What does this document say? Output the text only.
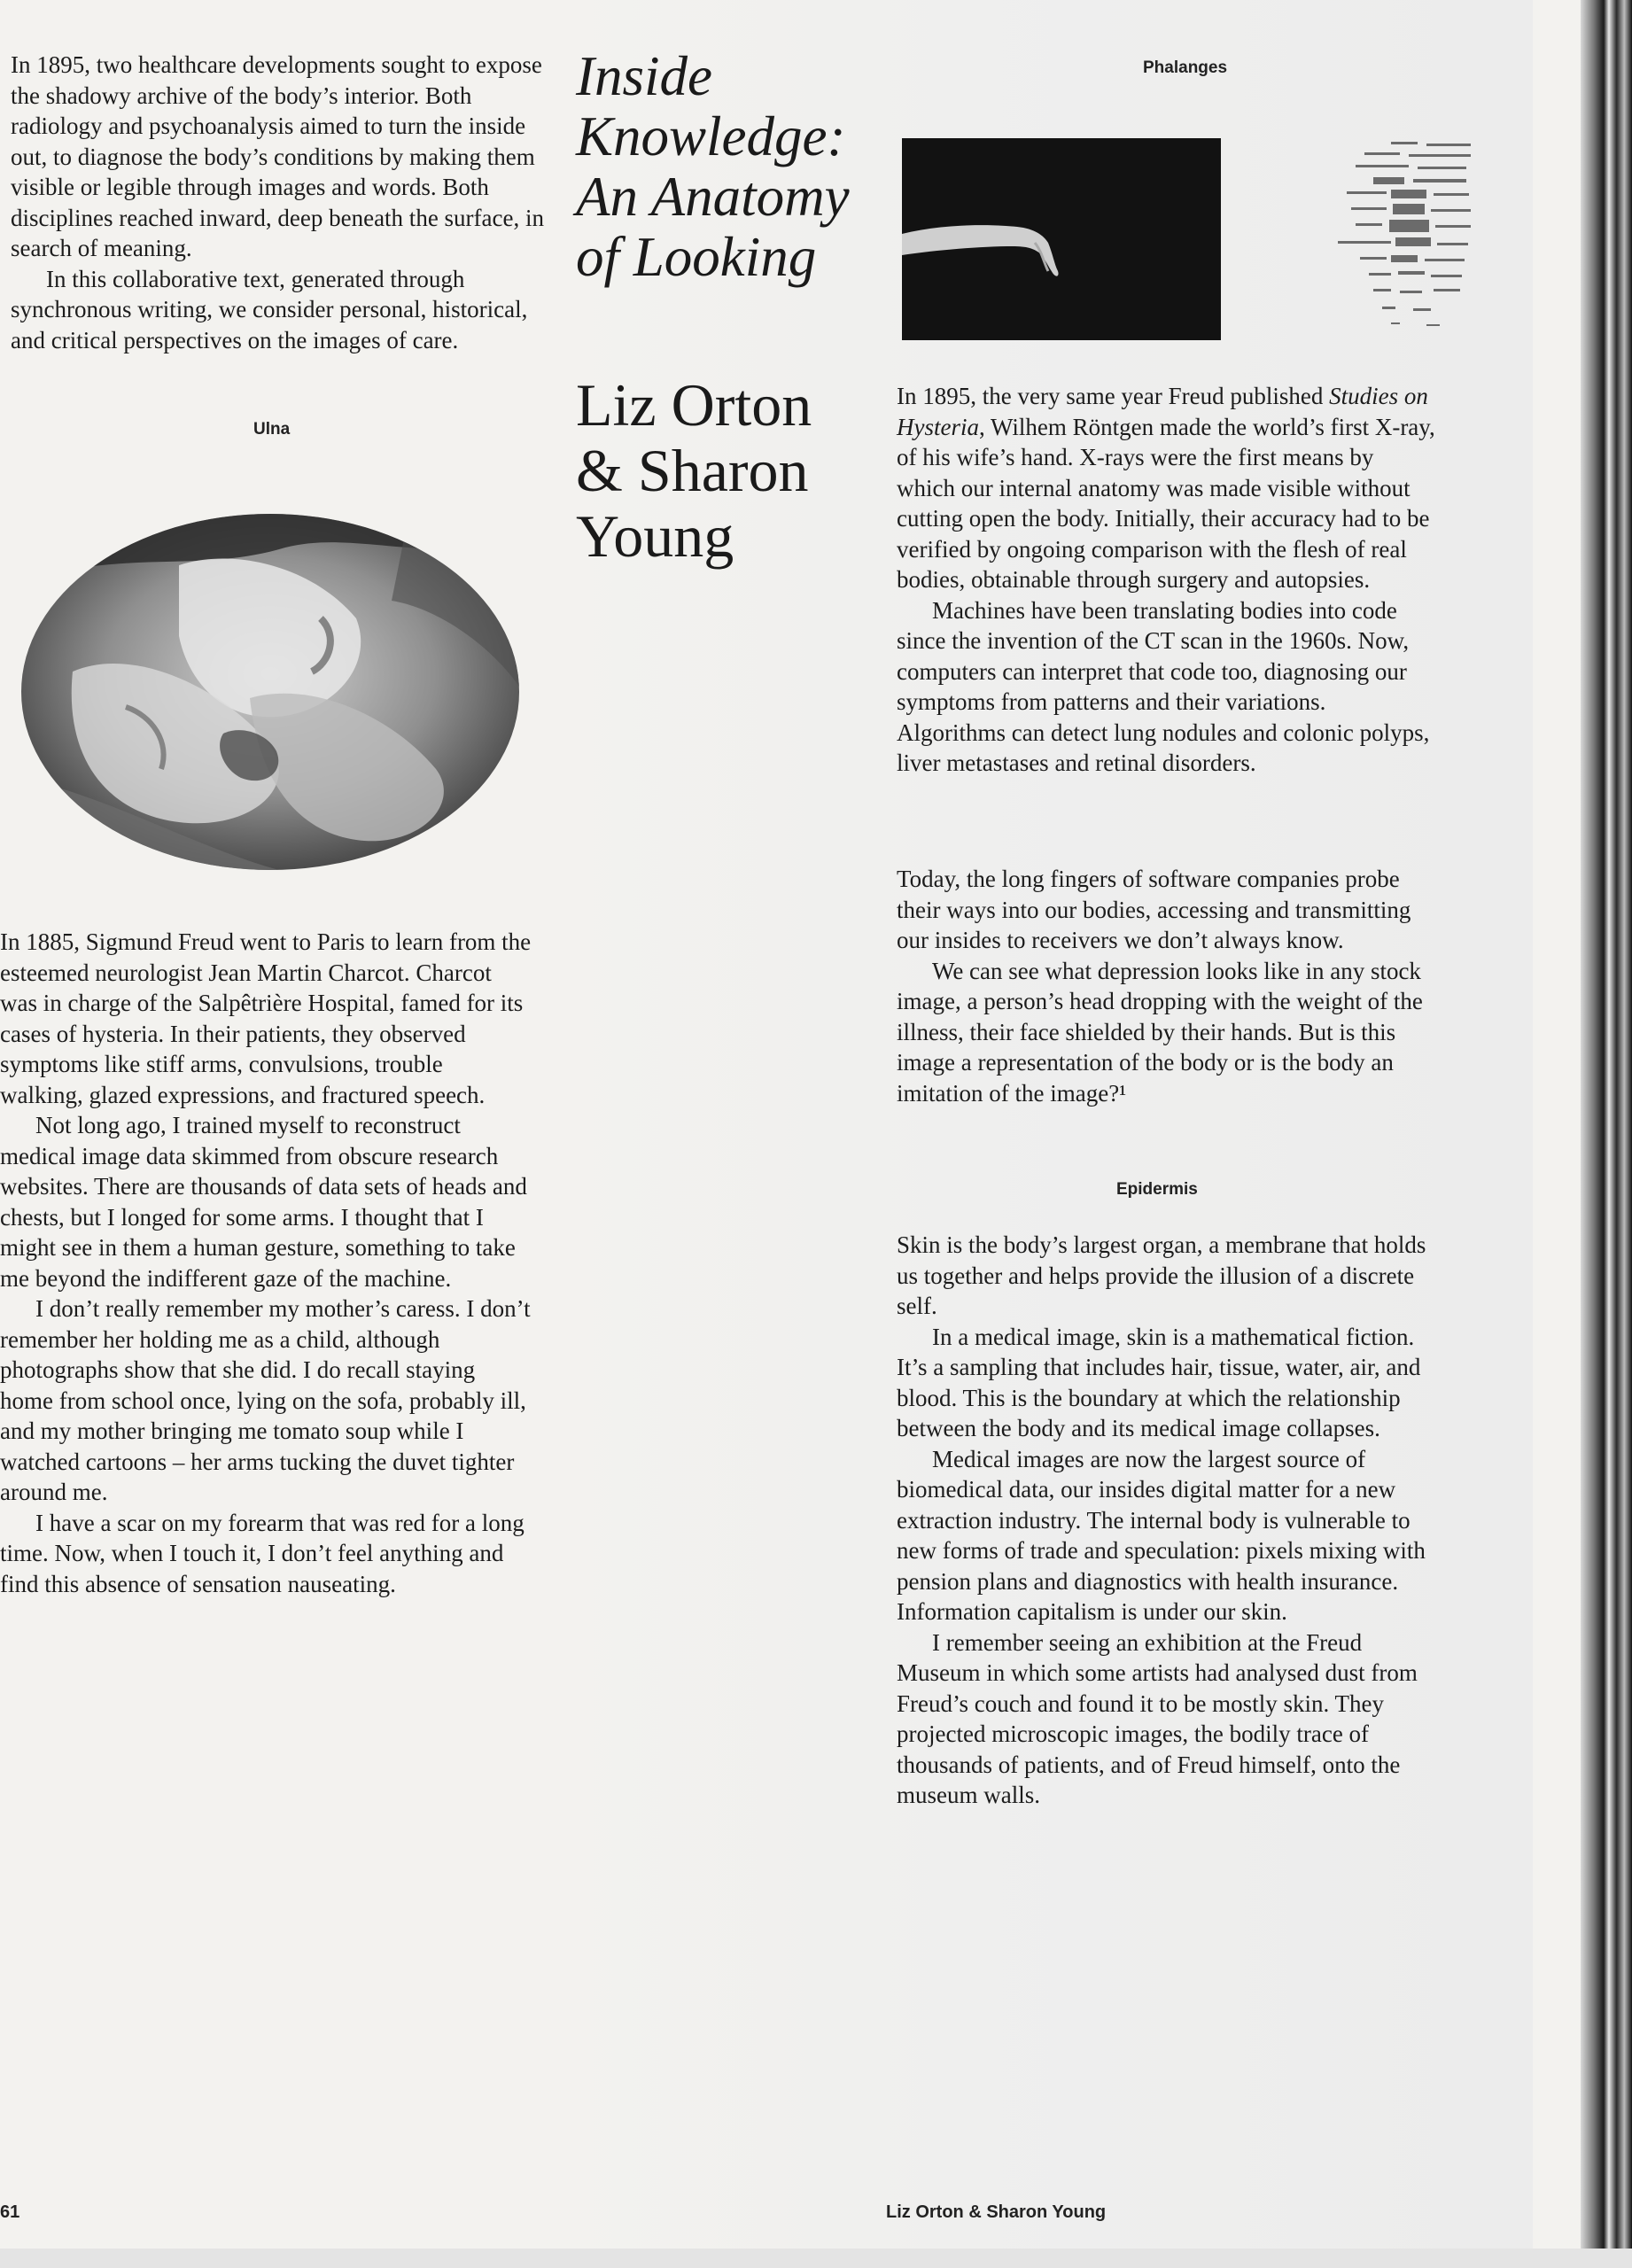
In 1895, two healthcare developments sought to expose the shadowy archive of the body’s interior. Both radiology and psychoanalysis aimed to turn the inside out, to diagnose the body’s conditions by making them visible or legible through images and words. Both disciplines reached inward, deep beneath the surface, in search of meaning.

In this collaborative text, generated through synchronous writing, we consider personal, historical, and critical perspectives on the images of care.

Ulna

In 1885, Sigmund Freud went to Paris to learn from the esteemed neurologist Jean Martin Charcot. Charcot was in charge of the Salpêtrière Hospital, famed for its cases of hysteria. In their patients, they observed symptoms like stiff arms, convulsions, trouble walking, glazed expressions, and fractured speech.

Not long ago, I trained myself to reconstruct medical image data skimmed from obscure research websites. There are thousands of data sets of heads and chests, but I longed for some arms. I thought that I might see in them a human gesture, something to take me beyond the indifferent gaze of the machine.

I don’t really remember my mother’s caress. I don’t remember her holding me as a child, although photographs show that she did. I do recall staying home from school once, lying on the sofa, probably ill, and my mother bringing me tomato soup while I watched cartoons – her arms tucking the duvet tighter around me.

I have a scar on my forearm that was red for a long time. Now, when I touch it, I don’t feel anything and find this absence of sensation nauseating.

Inside
Knowledge:
An Anatomy
of Looking
Liz Orton
& Sharon
Young
Phalanges

In 1895, the very same year Freud published Studies on Hysteria, Wilhem Röntgen made the world’s first X-ray, of his wife’s hand. X-rays were the first means by which our internal anatomy was made visible without cutting open the body. Initially, their accuracy had to be verified by ongoing comparison with the flesh of real bodies, obtainable through surgery and autopsies.

Machines have been translating bodies into code since the invention of the CT scan in the 1960s. Now, computers can interpret that code too, diagnosing our symptoms from patterns and their variations. Algorithms can detect lung nodules and colonic polyps, liver metastases and retinal disorders.

Today, the long fingers of software companies probe their ways into our bodies, accessing and transmitting our insides to receivers we don’t always know.

We can see what depression looks like in any stock image, a person’s head dropping with the weight of the illness, their face shielded by their hands. But is this image a representation of the body or is the body an imitation of the image?¹

Epidermis

Skin is the body’s largest organ, a membrane that holds us together and helps provide the illusion of a discrete self.

In a medical image, skin is a mathematical fiction. It’s a sampling that includes hair, tissue, water, air, and blood. This is the boundary at which the relationship between the body and its medical image collapses.

Medical images are now the largest source of biomedical data, our insides digital matter for a new extraction industry. The internal body is vulnerable to new forms of trade and speculation: pixels mixing with pension plans and diagnostics with health insurance. Information capitalism is under our skin.

I remember seeing an exhibition at the Freud Museum in which some artists had analysed dust from Freud’s couch and found it to be mostly skin. They projected microscopic images, the bodily trace of thousands of patients, and of Freud himself, onto the museum walls.

61	Liz Orton & Sharon Young
